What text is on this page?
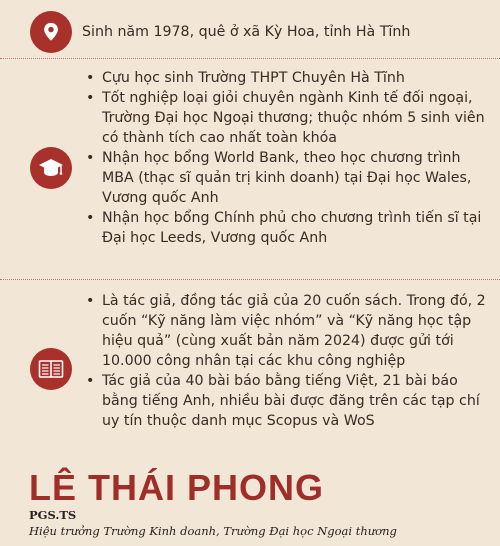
Sinh năm 1978, quê ở xã Kỳ Hoa, tỉnh Hà Tĩnh
• Cựu học sinh Trường THPT Chuyên Hà Tĩnh
• Tốt nghiệp loại giỏi chuyên ngành Kinh tế đối ngoại, Trường Đại học Ngoại thương; thuộc nhóm 5 sinh viên có thành tích cao nhất toàn khóa
• Nhận học bổng World Bank, theo học chương trình MBA (thạc sĩ quản trị kinh doanh) tại Đại học Wales, Vương quốc Anh
• Nhận học bổng Chính phủ cho chương trình tiến sĩ tại Đại học Leeds, Vương quốc Anh
• Là tác giả, đồng tác giả của 20 cuốn sách. Trong đó, 2 cuốn “Kỹ năng làm việc nhóm” và “Kỹ năng học tập hiệu quả” (cùng xuất bản năm 2024) được gửi tới 10.000 công nhân tại các khu công nghiệp
• Tác giả của 40 bài báo bằng tiếng Việt, 21 bài báo bằng tiếng Anh, nhiều bài được đăng trên các tạp chí uy tín thuộc danh mục Scopus và WoS
LÊ THÁI PHONG
PGS.TS
Hiệu trưởng Trường Kinh doanh, Trường Đại học Ngoại thương
